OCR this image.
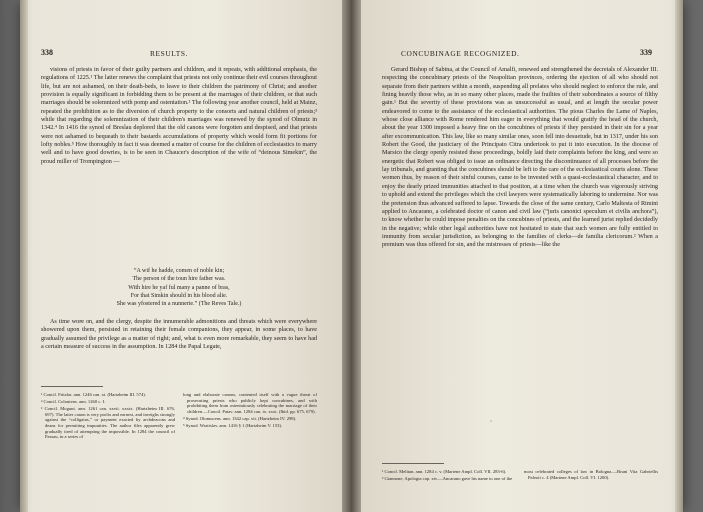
338	RESULTS.
visions of priests in favor of their guilty partners and children, and it repeats, with additional emphasis, the regulations of 1225.¹ The latter renews the complaint that priests not only continue their evil courses throughout life, but are not ashamed, on their death-beds, to leave to their children the patrimony of Christ; and another provision is equally significant in forbidding them to be present at the marriages of their children, or that such marriages should be solemnized with pomp and ostentation.² The following year another council, held at Mainz, repeated the prohibition as to the diversion of church property to the consorts and natural children of priests;³ while that regarding the solemnization of their children's marriages was renewed by the synod of Olmutz in 1342.⁴ In 1416 the synod of Breslau deplored that the old canons were forgotten and despised, and that priests were not ashamed to bequeath to their bastards accumulations of property which would form fit portions for lofty nobles.⁵ How thoroughly in fact it was deemed a matter of course for the children of ecclesiastics to marry well and to have good dowries, is to be seen in Chaucer's description of the wife of “deinous Simekin”, the proud miller of Trompington —
“A wif he hadde, comen of noble kin;
The person of the toun hire father was.
With hire he yaf ful many a panne of bras,
For that Simkin should in his blood alie.
She was yfostered in a nunnerie.” (The Reves Tale.)
As time wore on, and the clergy, despite the innumerable admonitions and threats which were everywhere showered upon them, persisted in retaining their female companions, they appear, in some places, to have gradually assumed the privilege as a matter of right; and, what is even more remarkable, they seem to have had a certain measure of success in the assumption. In 1284 the Papal Legate,

¹ Concil. Fritzlar. ann. 1246 can. xi. (Hartzheim III. 574).

² Concil. Coloniens. ann. 1260 c. I.

³ Concil. Mogunt. ann. 1261 can. xxvii. xxxix. (Hartzheim III. 676, 697). The latter canon is very prolix and earnest, and inveighs strongly against the “colligatus,” or payment exacted by archdeacons and deans for permitting impunities. The author files apparently grew gradually tired of attempting the impossible. In 1284 the council of Passau, in a series of

long and elaborate canons, contented itself with a vague threat of prosecuting priests who publicly kept concubines, and with prohibiting them from ostentatiously celebrating the marriage of their children.—Concil. Patav. ann. 1284 can. ix. xxxi. (Ibid. pp. 675, 679).

⁴ Synod. Olomucens. ann. 1342 cap. vii. (Hartzheim IV. 298).

⁵ Synod. Wratislav. ann. 1416 § 1 (Hartzheim V. 153).

339
CONCUBINAGE RECOGNIZED.
Gerard Bishop of Sabina, at the Council of Amalfi, renewed and strengthened the decretals of Alexander III. respecting the concubinary priests of the Neapolitan provinces, ordering the ejection of all who should not separate from their partners within a month, suspending all prelates who should neglect to enforce the rule, and fining heavily those who, as in so many other places, made the frailties of their subordinates a source of filthy gain.¹ But the severity of these provisions was as unsuccessful as usual, and at length the secular power endeavored to come to the assistance of the ecclesiastical authorities. The pious Charles the Lame of Naples, whose close alliance with Rome rendered him eager in everything that would gratify the head of the church, about the year 1300 imposed a heavy fine on the concubines of priests if they persisted in their sin for a year after excommunication. This law, like so many similar ones, soon fell into desuetude, but in 1317, under his son Robert the Good, the justiciary of the Principato Citra undertook to put it into execution. In the diocese of Marsico the clergy openly resisted these proceedings, boldly laid their complaints before the king, and were so energetic that Robert was obliged to issue an ordinance directing the discontinuance of all processes before the lay tribunals, and granting that the concubines should be left to the care of the ecclesiastical courts alone. These women thus, by reason of their sinful courses, came to be invested with a quasi-ecclesiastical character, and to enjoy the dearly prized immunities attached to that position, at a time when the church was vigorously striving to uphold and extend the privileges which the civil lawyers were systematically laboring to undermine. Nor was the pretension thus advanced suffered to lapse. Towards the close of the same century, Carlo Maltesta of Rimini applied to Ancarano, a celebrated doctor of canon and civil law (“juris canonici speculum et civilis anchora”), to know whether he could impose penalties on the concubines of priests, and the learned jurist replied decidedly in the negative; while other legal authorities have not hesitated to state that such women are fully entitled to immunity from secular jurisdiction, as belonging to the families of clerks—de familia clericorum.² When a premium was thus offered for sin, and the mistresses of priests—like the

¹ Concil. Melitan. ann. 1284 c. v. (Martene Ampl. Coll. VII. 283-6).

² Giannone, Apologia cap. xiv.—Ancarano gave his name to one of the

most celebrated colleges of law in Bologna.—Bruni Vita Gabriellis Paleoti c. 4 (Martene Ampl. Coll. VI. 1200).
